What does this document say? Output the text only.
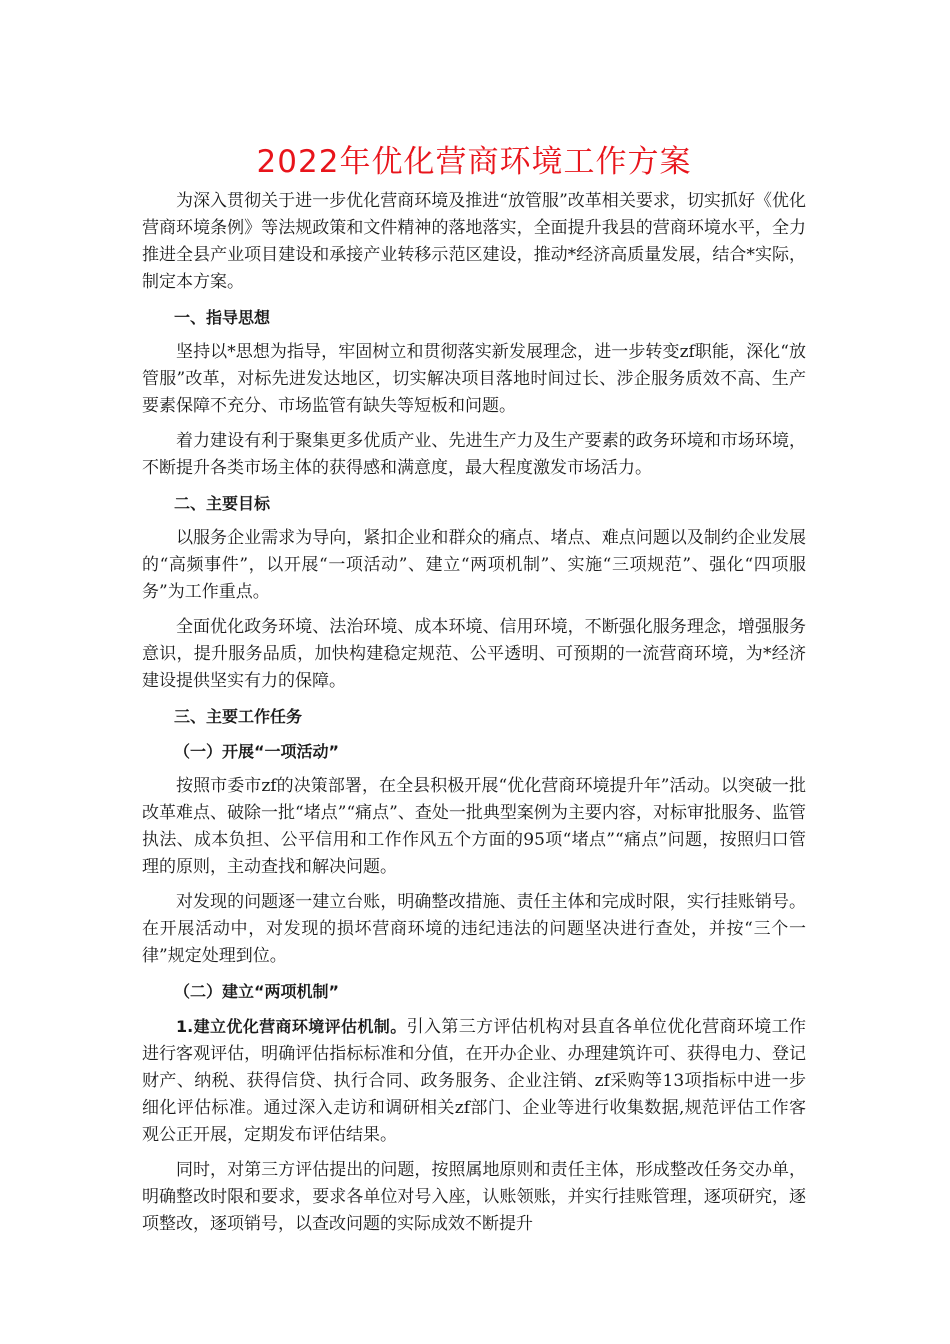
2022年优化营商环境工作方案

为深入贯彻关于进一步优化营商环境及推进“放管服”改革相关要求，切实抓好《优化营商环境条例》等法规政策和文件精神的落地落实，全面提升我县的营商环境水平，全力推进全县产业项目建设和承接产业转移示范区建设，推动*经济高质量发展，结合*实际，制定本方案。

一、指导思想

坚持以*思想为指导，牢固树立和贯彻落实新发展理念，进一步转变zf职能，深化“放管服”改革，对标先进发达地区，切实解决项目落地时间过长、涉企服务质效不高、生产要素保障不充分、市场监管有缺失等短板和问题。

着力建设有利于聚集更多优质产业、先进生产力及生产要素的政务环境和市场环境，不断提升各类市场主体的获得感和满意度，最大程度激发市场活力。

二、主要目标

以服务企业需求为导向，紧扣企业和群众的痛点、堵点、难点问题以及制约企业发展的“高频事件”，以开展“一项活动”、建立“两项机制”、实施“三项规范”、强化“四项服务”为工作重点。

全面优化政务环境、法治环境、成本环境、信用环境，不断强化服务理念，增强服务意识，提升服务品质，加快构建稳定规范、公平透明、可预期的一流营商环境，为*经济建设提供坚实有力的保障。

三、主要工作任务
（一）开展“一项活动”

按照市委市zf的决策部署，在全县积极开展“优化营商环境提升年”活动。以突破一批改革难点、破除一批“堵点”“痛点”、查处一批典型案例为主要内容，对标审批服务、监管执法、成本负担、公平信用和工作作风五个方面的95项“堵点”“痛点”问题，按照归口管理的原则，主动查找和解决问题。

对发现的问题逐一建立台账，明确整改措施、责任主体和完成时限，实行挂账销号。在开展活动中，对发现的损坏营商环境的违纪违法的问题坚决进行查处，并按“三个一律”规定处理到位。

（二）建立“两项机制”

1.建立优化营商环境评估机制。引入第三方评估机构对县直各单位优化营商环境工作进行客观评估，明确评估指标标准和分值，在开办企业、办理建筑许可、获得电力、登记财产、纳税、获得信贷、执行合同、政务服务、企业注销、zf采购等13项指标中进一步细化评估标准。通过深入走访和调研相关zf部门、企业等进行收集数据,规范评估工作客观公正开展，定期发布评估结果。

同时，对第三方评估提出的问题，按照属地原则和责任主体，形成整改任务交办单，明确整改时限和要求，要求各单位对号入座，认账领账，并实行挂账管理，逐项研究，逐项整改，逐项销号，以查改问题的实际成效不断提升
